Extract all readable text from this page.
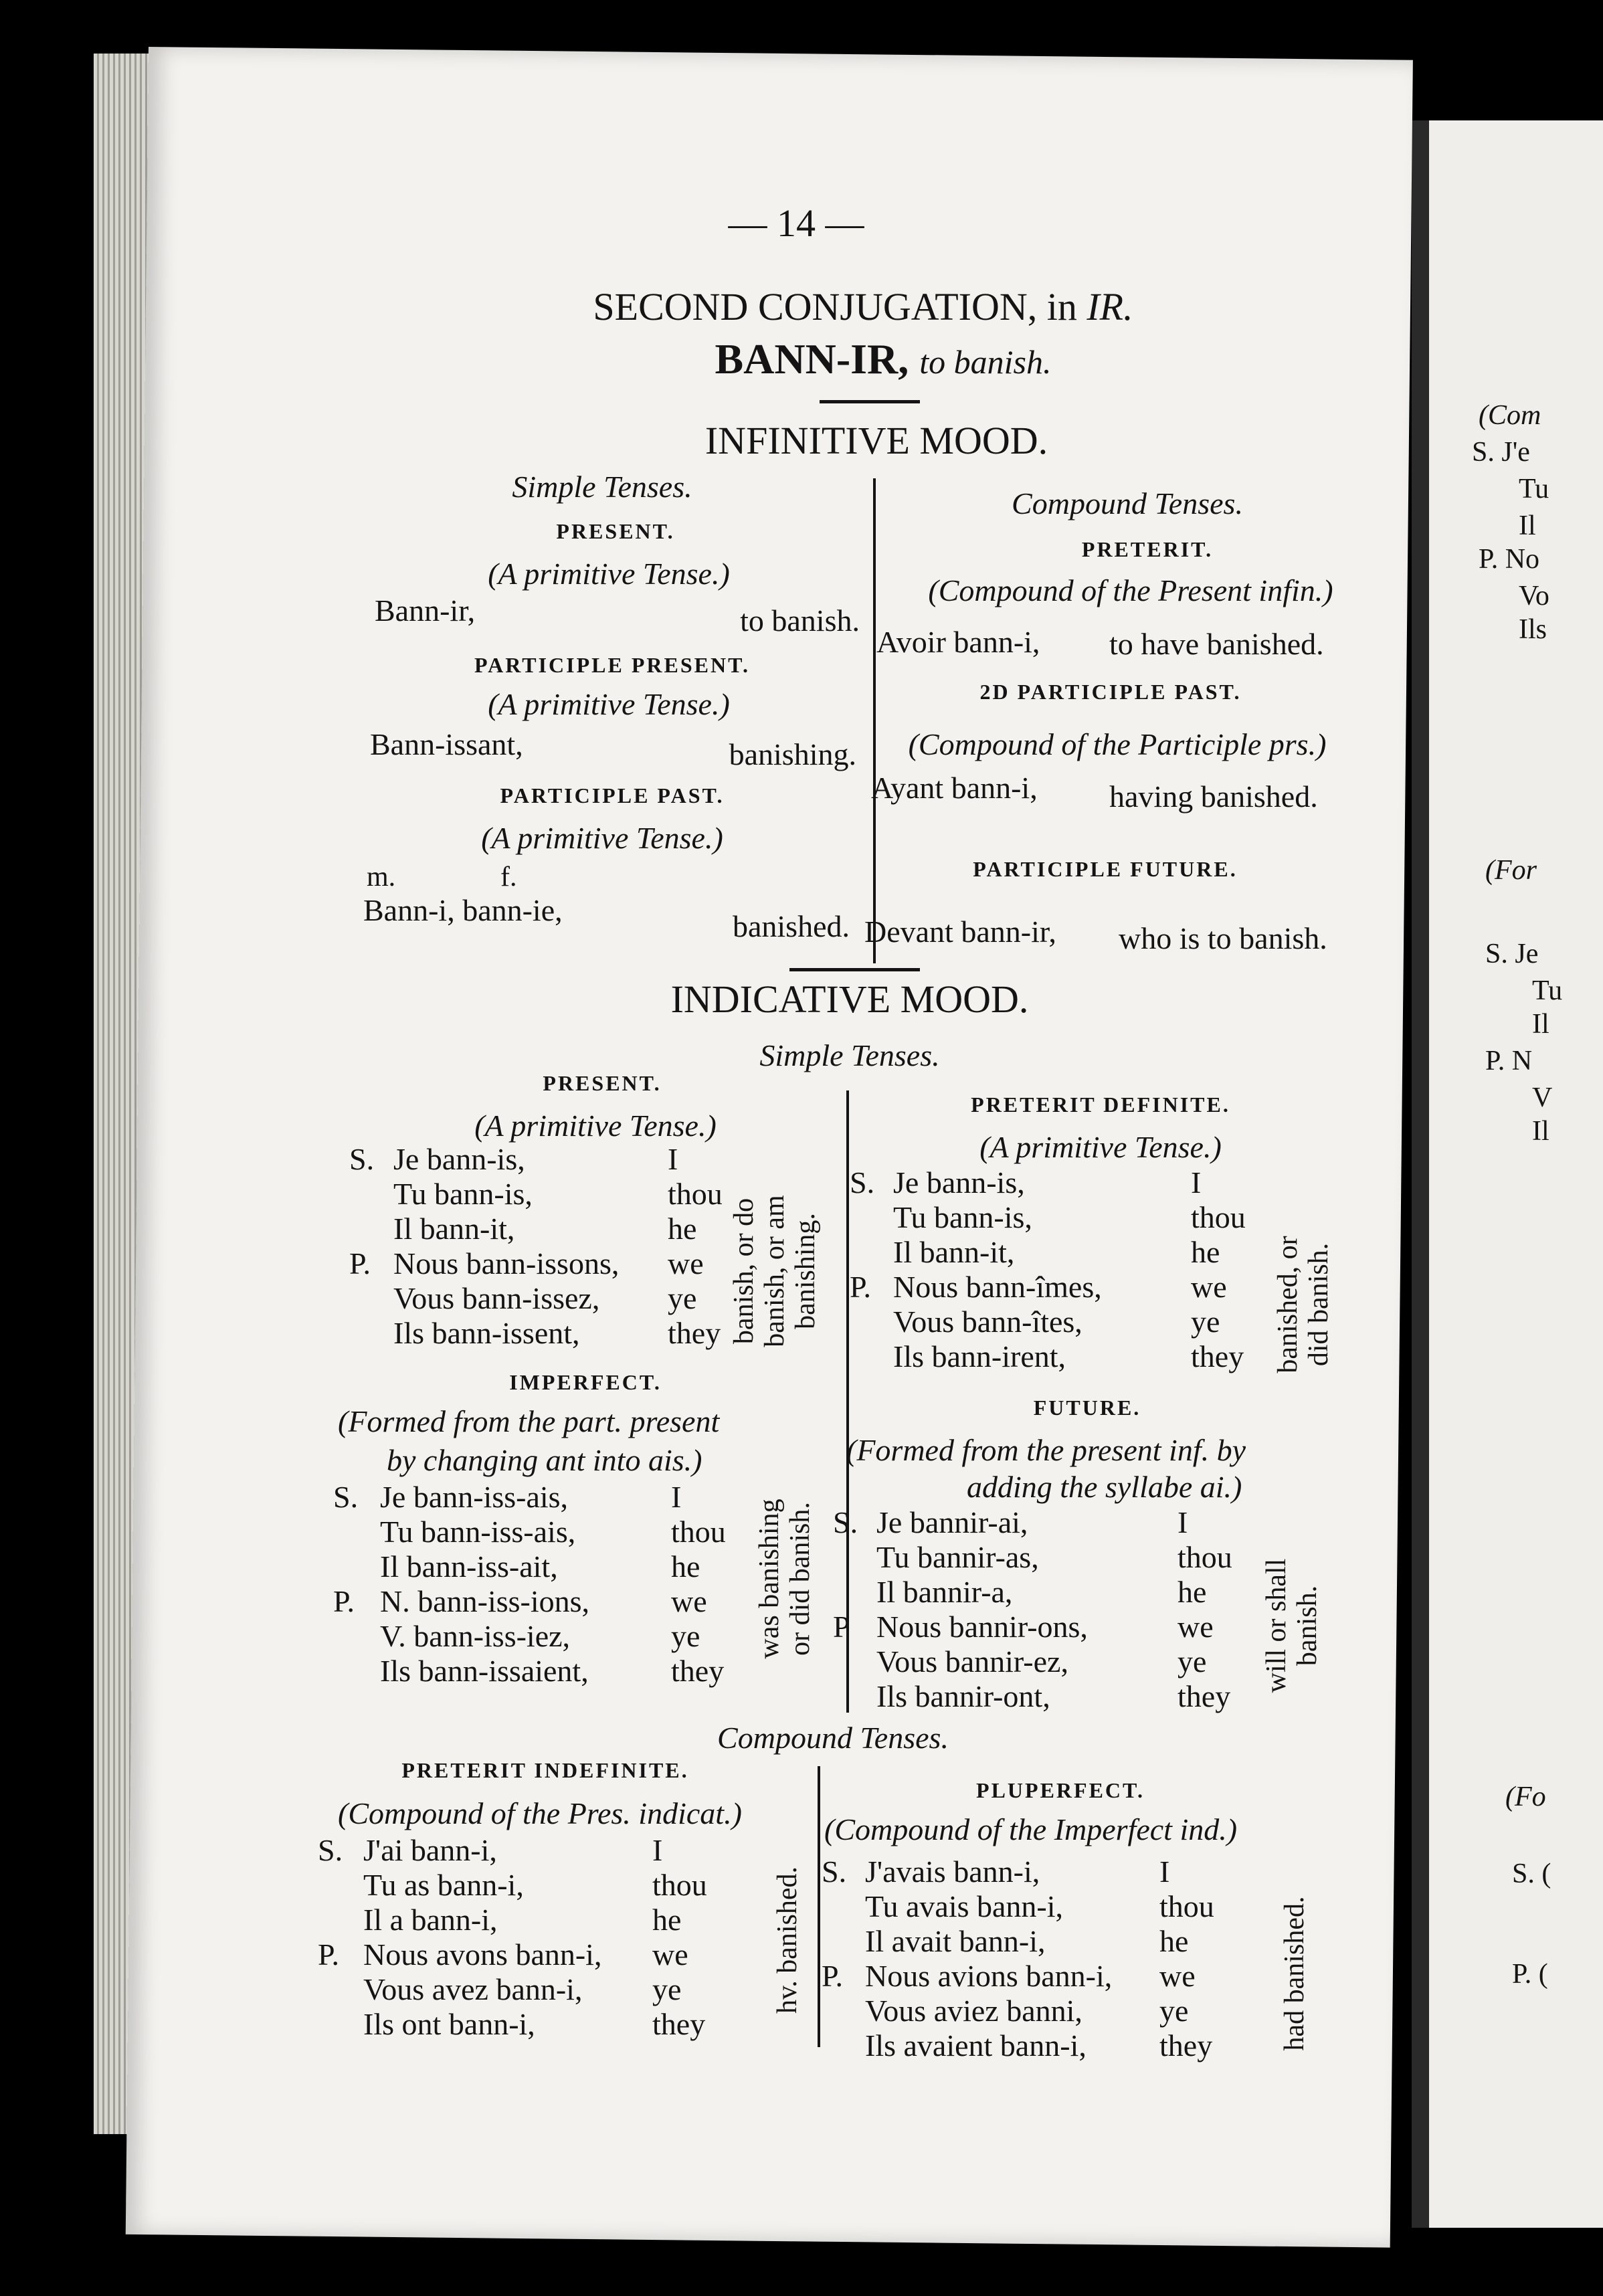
(Com
S. J'e
Tu
Il
P. No
Vo
Ils
(For
S. Je
Tu
Il
P. N
V
Il
(Fo
S. (
P. (
— 14 —
SECOND CONJUGATION, in IR.
BANN-IR, to banish.
INFINITIVE MOOD.
Simple Tenses.	Compound Tenses.
PRESENT.
(A primitive Tense.)
Bann-ir,	to banish.
PARTICIPLE PRESENT.
(A primitive Tense.)
Bann-issant,	banishing.
PARTICIPLE PAST.
(A primitive Tense.)
m.	f.
Bann-i, bann-ie,	banished.
PRETERIT.
(Compound of the Present infin.)
Avoir bann-i, to have banished.
2D PARTICIPLE PAST.
(Compound of the Participle prs.)
Ayant bann-i, having banished.
PARTICIPLE FUTURE.
Devant bann-ir, who is to banish.
INDICATIVE MOOD.
Simple Tenses.
PRESENT.
(A primitive Tense.)
S. Je bann-is,	I
Tu bann-is,	thou
Il bann-it,	he
P. Nous bann-issons, we
Vous bann-issez, ye
Ils bann-issent,	they banish, or do banish, or am banishing.
PRETERIT DEFINITE.
(A primitive Tense.)
S. Je bann-is,	I
Tu bann-is,	thou
Il bann-it,	he
P. Nous bann-îmes,	we
Vous bann-îtes,	ye
Ils bann-irent,	they banished, or did banish.
IMPERFECT.
(Formed from the part. present
by changing ant into ais.)
S. Je bann-iss-ais,	I
Tu bann-iss-ais,	thou
Il bann-iss-ait,	he
P. N. bann-iss-ions,	we
V. bann-iss-iez,	ye
Ils bann-issaient,	they
was banishing or did banish.
FUTURE.
(Formed from the present inf. by
adding the syllabe ai.)
S. Je bannir-ai,	I
Tu bannir-as,	thou
Il bannir-a,	he
P Nous bannir-ons,	we
Vous bannir-ez,	ye
Ils bannir-ont,	they
will or shall banish.
Compound Tenses.
PRETERIT INDEFINITE.
(Compound of the Pres. indicat.)
S. J'ai bann-i,	I
Tu as bann-i,	thou
Il a bann-i,	he
P. Nous avons bann-i, we
Vous avez bann-i, ye
Ils ont bann-i,	they
hv. banished.
PLUPERFECT.
(Compound of the Imperfect ind.)
S. J'avais bann-i,	I
Tu avais bann-i,	thou
Il avait bann-i,	he
P. Nous avions bann-i, we
Vous aviez banni,	ye
Ils avaient bann-i, they had banished.
